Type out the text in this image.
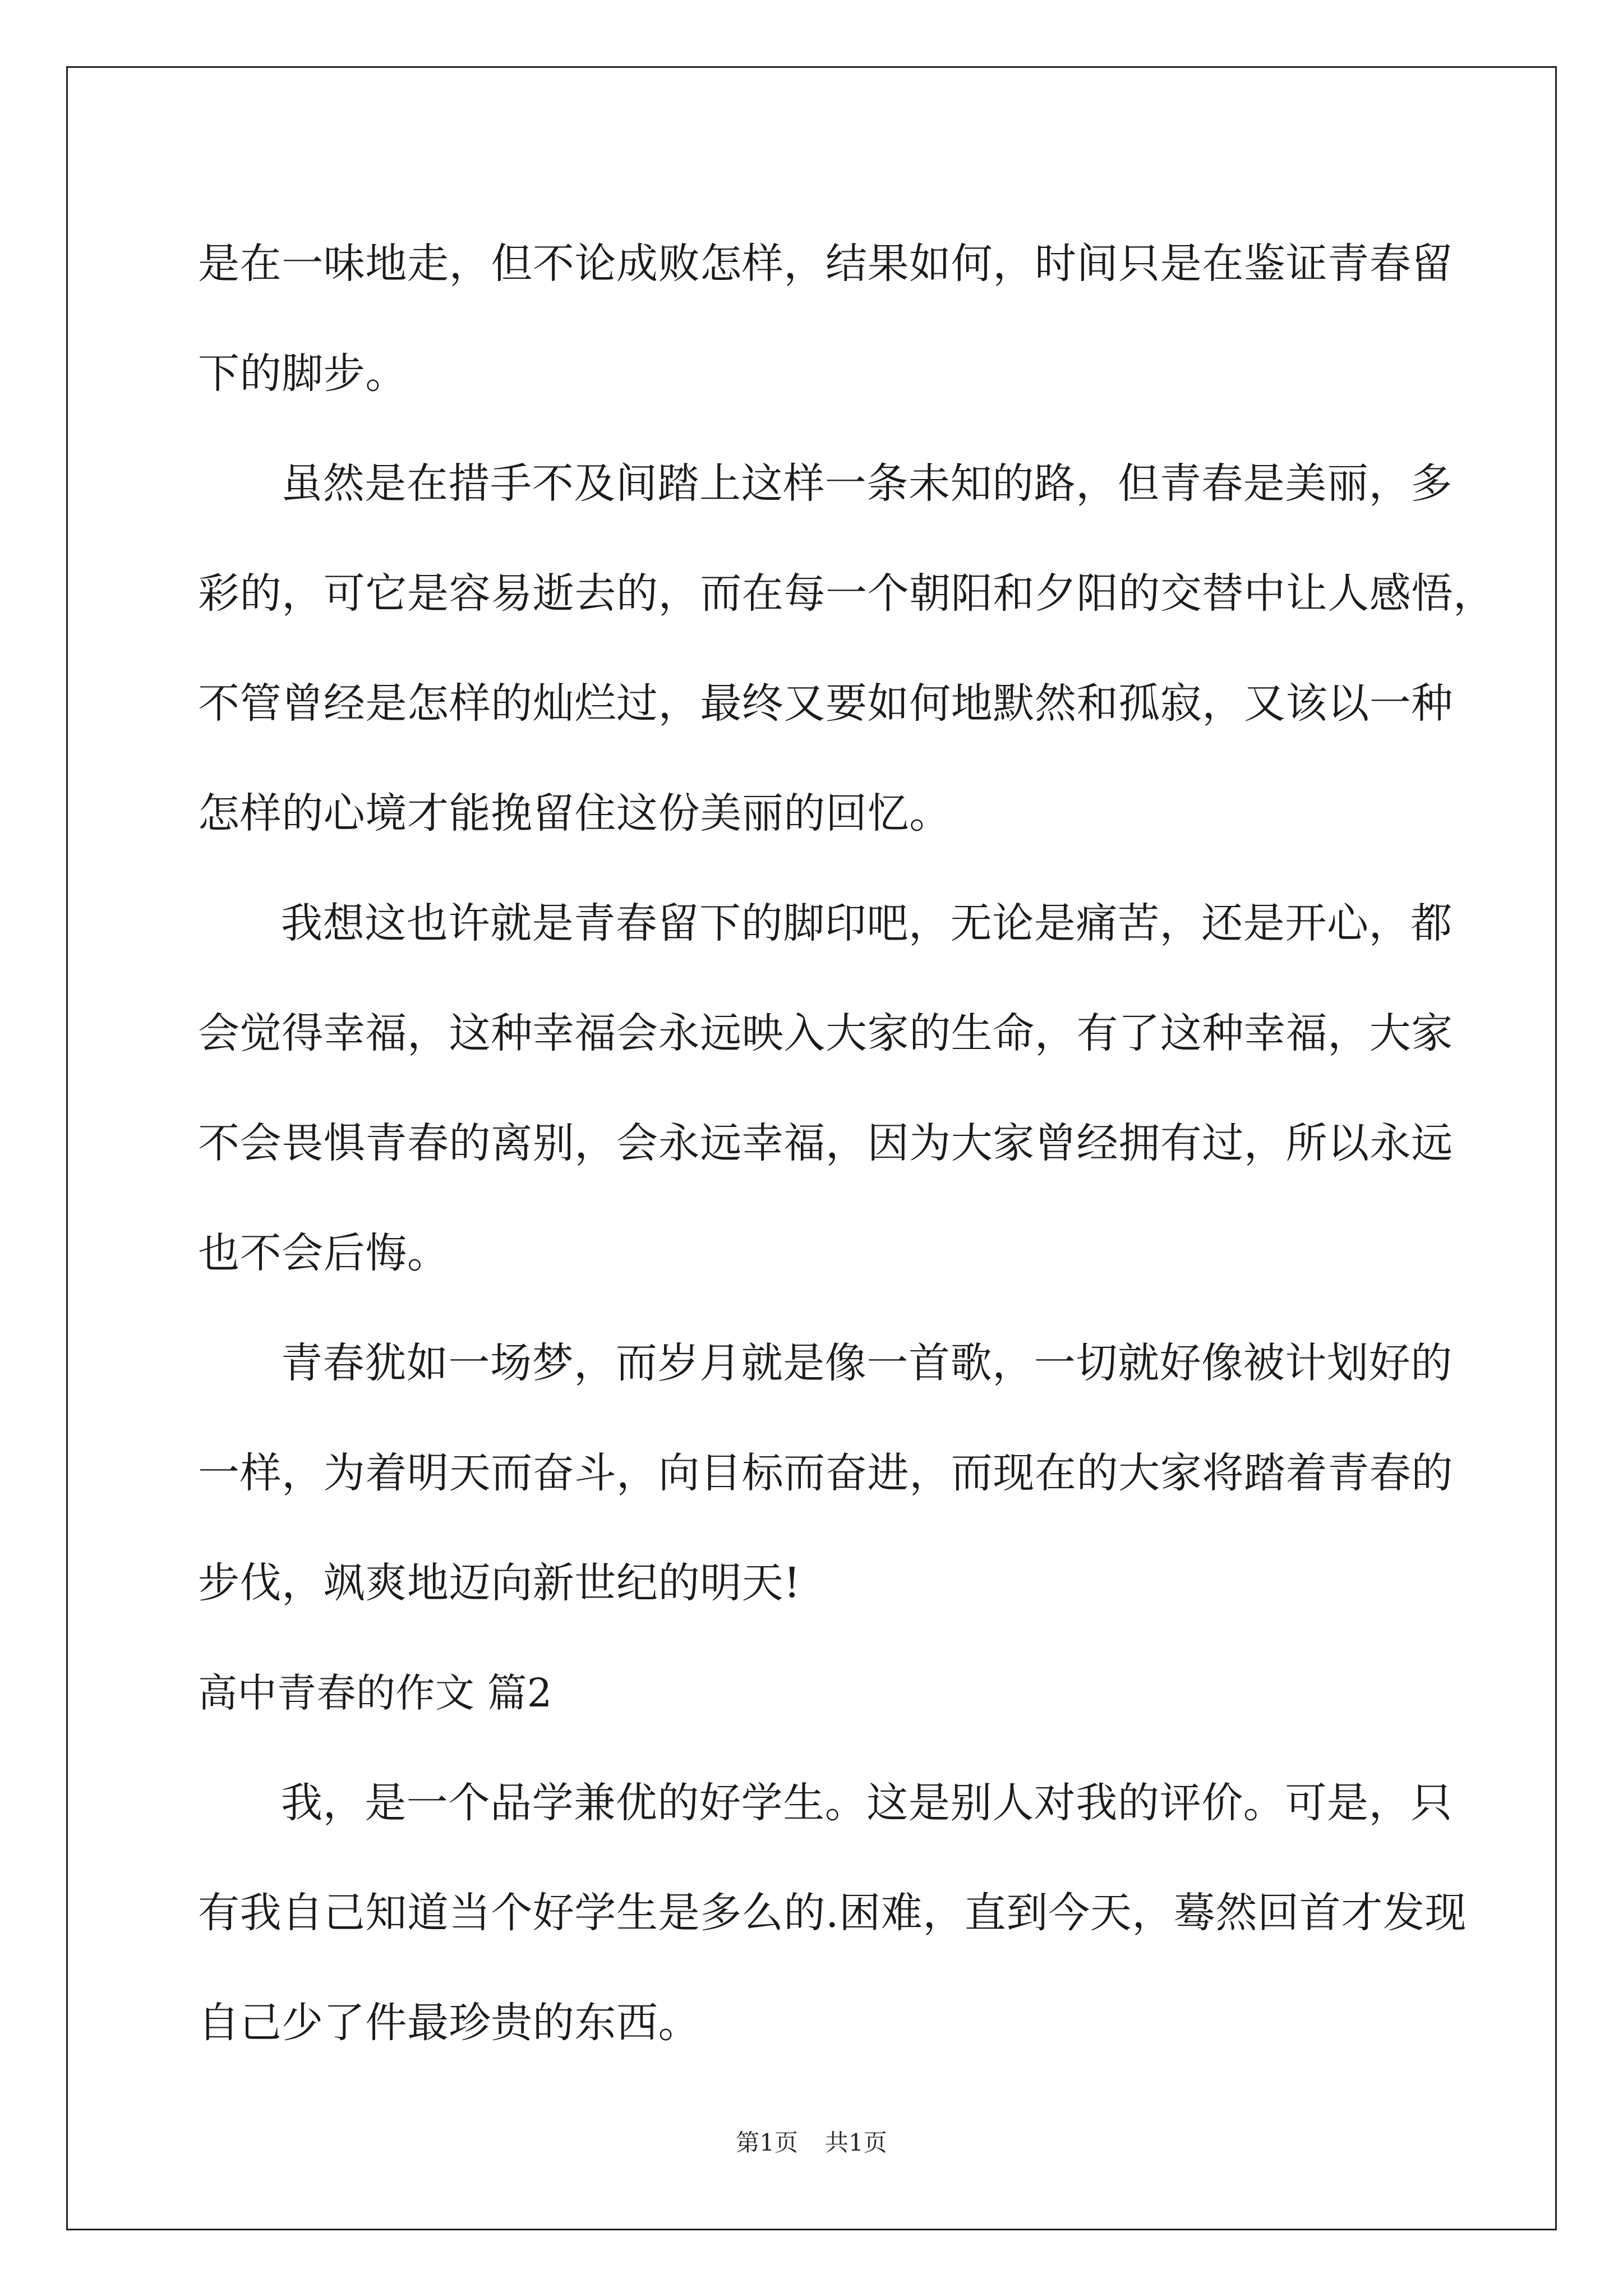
是在一味地走，但不论成败怎样，结果如何，时间只是在鉴证青春留
下的脚步。
虽然是在措手不及间踏上这样一条未知的路，但青春是美丽，多
彩的，可它是容易逝去的，而在每一个朝阳和夕阳的交替中让人感悟，
不管曾经是怎样的灿烂过，最终又要如何地默然和孤寂，又该以一种
怎样的心境才能挽留住这份美丽的回忆。
我想这也许就是青春留下的脚印吧，无论是痛苦，还是开心，都
会觉得幸福，这种幸福会永远映入大家的生命，有了这种幸福，大家
不会畏惧青春的离别，会永远幸福，因为大家曾经拥有过，所以永远
也不会后悔。
青春犹如一场梦，而岁月就是像一首歌，一切就好像被计划好的
一样，为着明天而奋斗，向目标而奋进，而现在的大家将踏着青春的
步伐，飒爽地迈向新世纪的明天!
高中青春的作文 篇2
我，是一个品学兼优的好学生。这是别人对我的评价。可是，只
有我自己知道当个好学生是多么的.困难，直到今天，蓦然回首才发现
自己少了件最珍贵的东西。
第1页 共1页
